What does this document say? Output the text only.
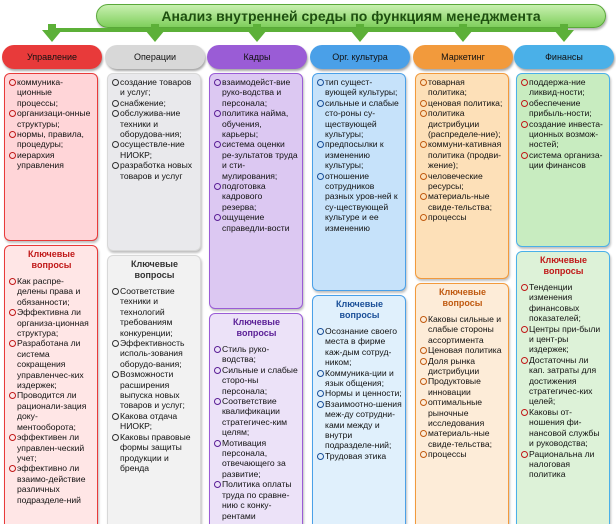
Анализ внутренней среды по функциям менеджмента
Управление
коммуника-ционные процессы;
организаци-онные структуры;
нормы, правила, процедуры;
иерархия управления
Ключевые вопросы
Как распре-делены права и обязанности;
Эффективна ли организа-ционная структура;
Разработана ли система сокращения управленчес-ких издержек;
Проводится ли рационали-зация доку-ментооборота;
эффективен ли управлен-ческий учет;
эффективно ли взаимо-действие различных подразделе-ний
Операции
создание товаров и услуг;
снабжение;
обслужива-ние техники и оборудова-ния;
осуществле-ние НИОКР;
разработка новых товаров и услуг
Ключевые вопросы
Соответствие техники и технологий требованиям конкуренции;
Эффективность исполь-зования оборудо-вания;
Возможности расширения выпуска новых товаров и услуг;
Какова отдача НИОКР;
Каковы правовые формы защиты продукции и бренда
Кадры
взаимодейст-вие руко-водства и персонала;
политика найма, обучения, карьеры;
система оценки ре-зультатов труда и сти-мулирования;
подготовка кадрового резерва;
ощущение справедли-вости
Ключевые вопросы
Стиль руко-водства;
Сильные и слабые сторо-ны персонала;
Соответствие квалификации стратегичес-ким целям;
Мотивация персонала, отвечающего за развитие;
Политика оплаты труда по сравне-нию с конку-рентами
Орг. культура
тип сущест-вующей культуры;
сильные и слабые сто-роны су-ществующей культуры;
предпосылки к изменению культуры;
отношение сотрудников разных уров-ней к су-ществующей культуре и ее изменению
Ключевые вопросы
Осознание своего места в фирме каж-дым сотруд-ником;
Коммуника-ции и язык общения;
Нормы и ценности;
Взаимоотно-шения меж-ду сотрудни-ками между и внутри подразделе-ний;
Трудовая этика
Маркетинг
товарная политика;
ценовая политика;
политика дистрибуции (распределе-ние);
коммуни-кативная политика (продви-жение);
человеческие ресурсы;
материаль-ные свиде-тельства;
процессы
Ключевые вопросы
Каковы сильные и слабые стороны ассортимента
Ценовая политика
Доля рынка дистрибуции
Продуктовые инновации
оптимальные рыночные исследования
материаль-ные свиде-тельства;
процессы
Финансы
поддержа-ние ликвид-ности;
обеспечение прибыль-ности;
создание инвеста-ционных возмож-ностей;
система организа-ции финансов
Ключевые вопросы
Тенденции изменения финансовых показателей;
Центры при-были и цент-ры издержек;
Достаточны ли кап. затраты для достижения стратегичес-ких целей;
Каковы от-ношения фи-нансовой службы и руководства;
Рациональна ли налоговая политика
